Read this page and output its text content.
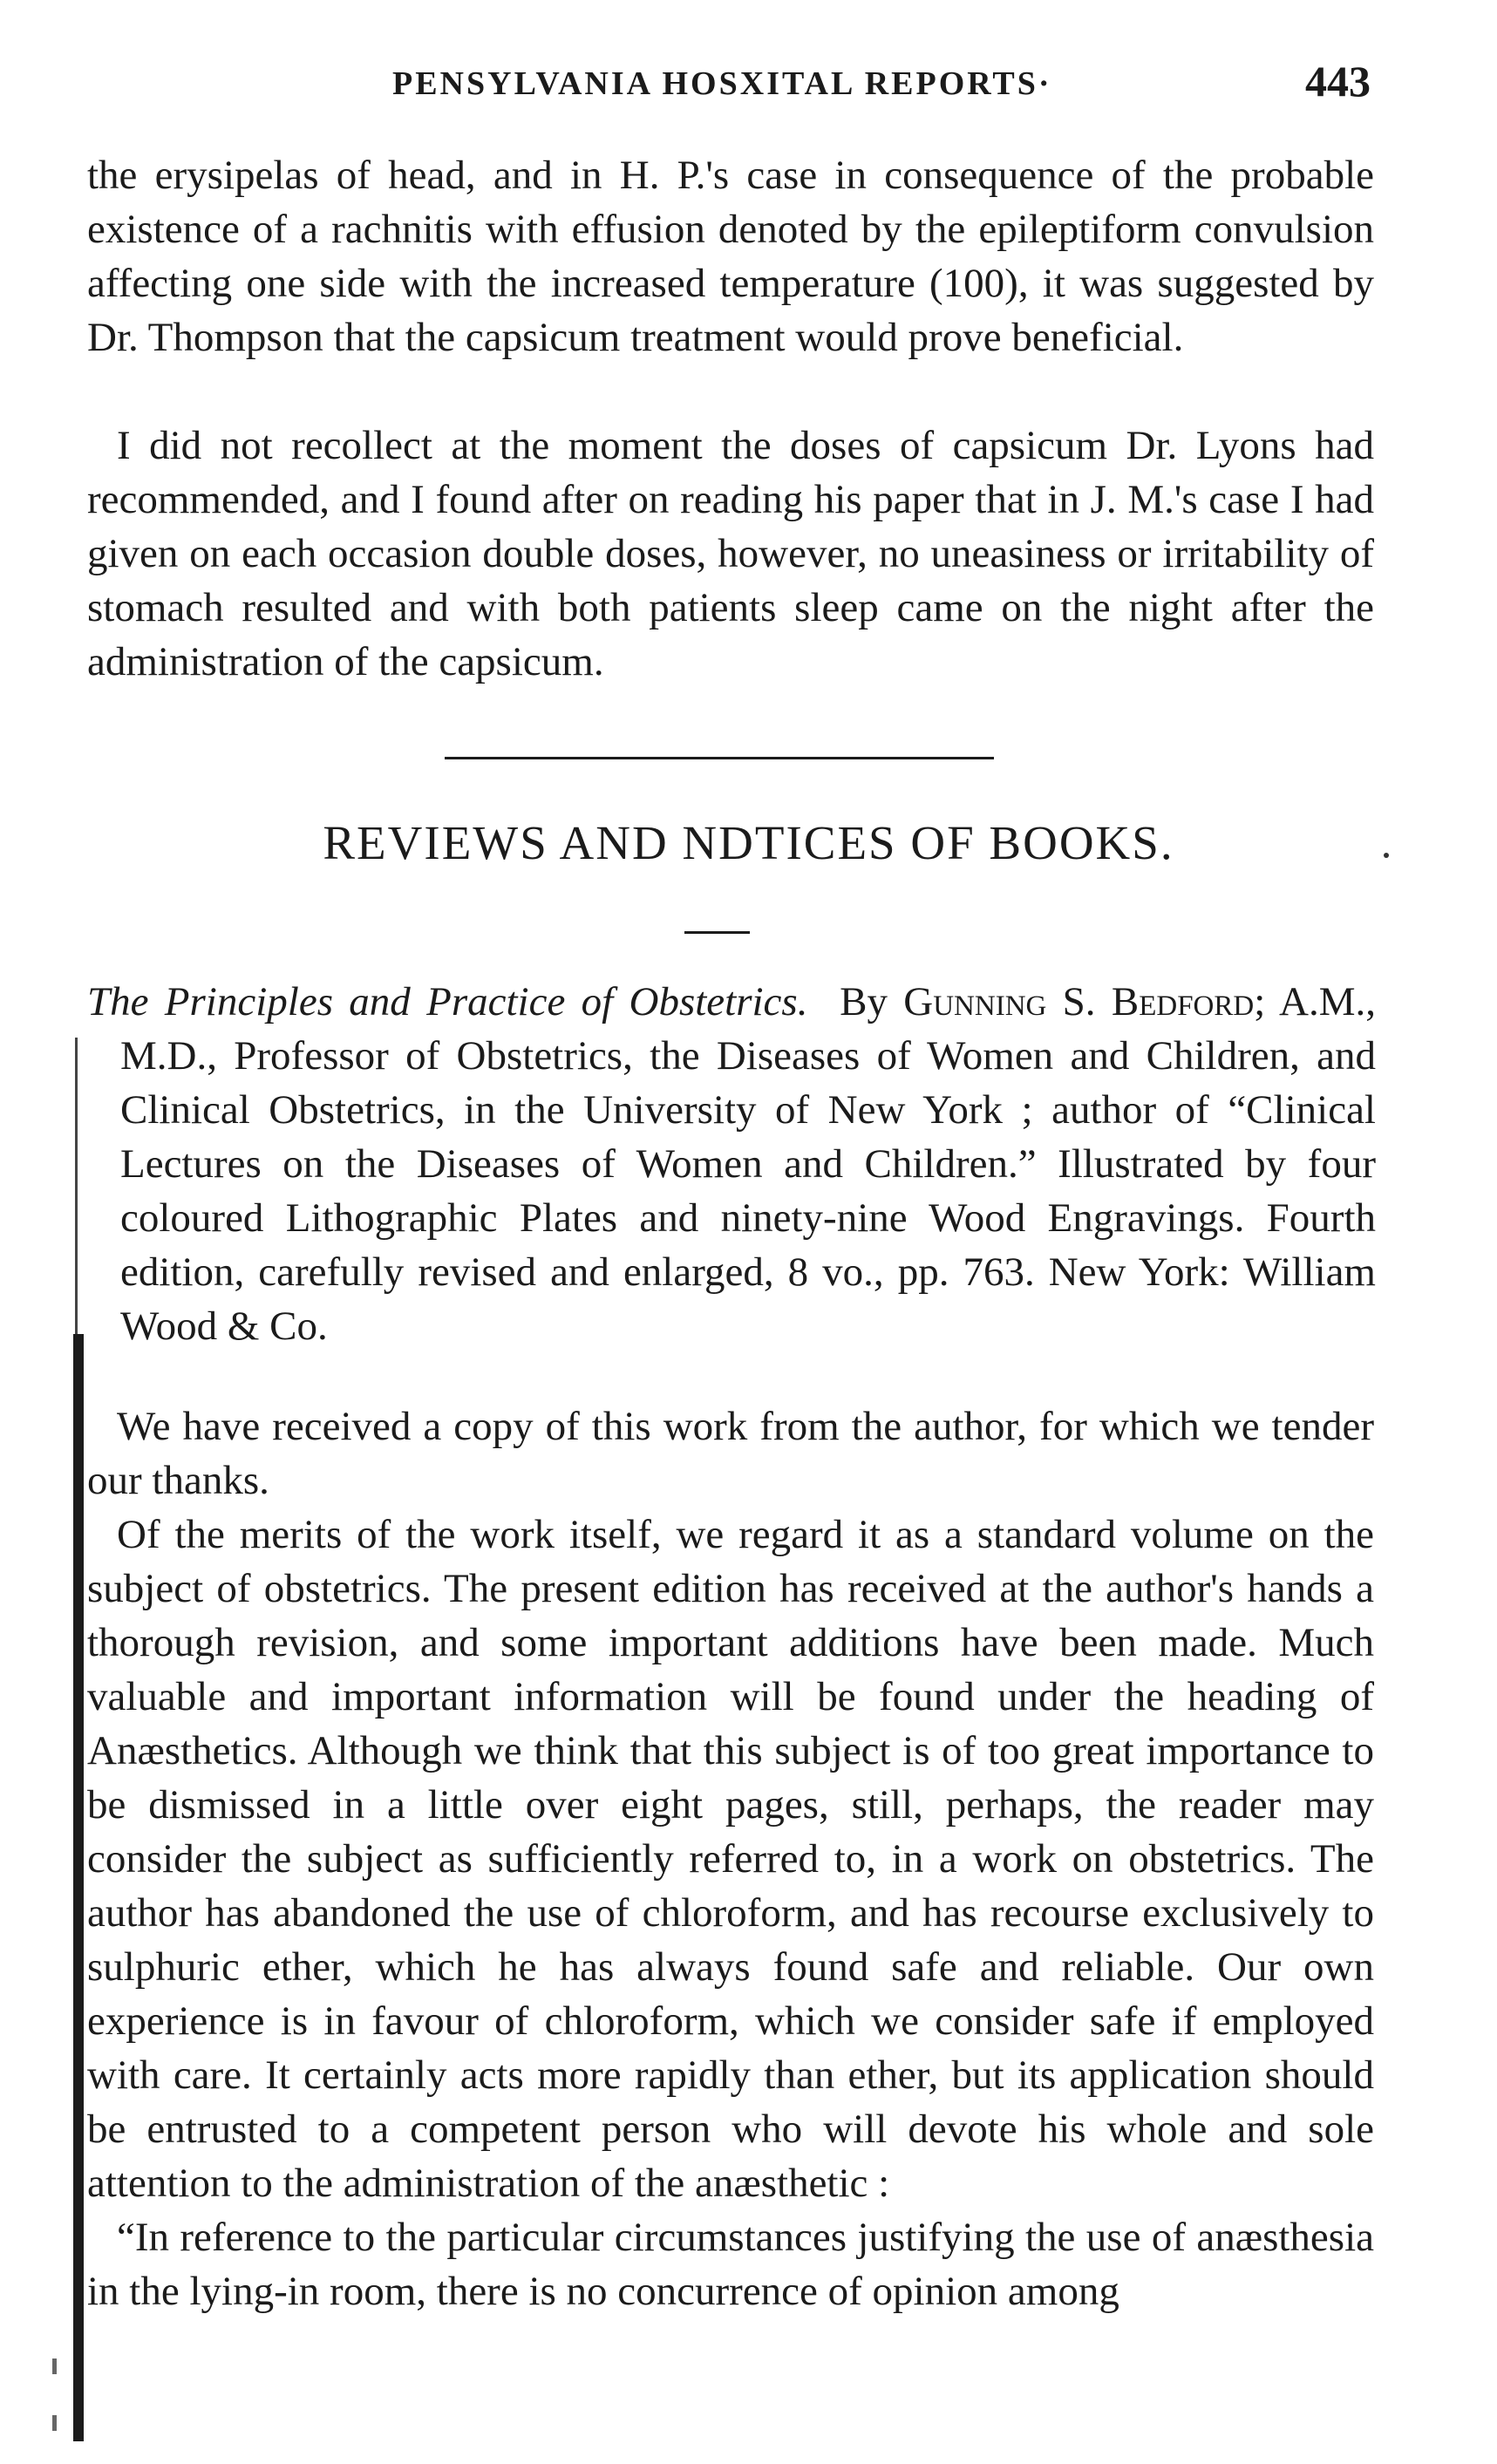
PENSYLVANIA HOSXITAL REPORTS·	443

the erysipelas of head, and in H. P.'s case in consequence of the probable existence of a rachnitis with effusion denoted by the epileptiform convulsion affecting one side with the increased temperature (100), it was suggested by Dr. Thompson that the capsicum treatment would prove beneficial.

I did not recollect at the moment the doses of capsicum Dr. Lyons had recommended, and I found after on reading his paper that in J. M.'s case I had given on each occasion double doses, however, no uneasiness or irritability of stomach resulted and with both patients sleep came on the night after the administration of the capsicum.

REVIEWS AND NDTICES OF BOOKS.
The Principles and Practice of Obstetrics. By Gunning S. Bedford; A.M., M.D., Professor of Obstetrics, the Diseases of Women and Children, and Clinical Obstetrics, in the University of New York ; author of “Clinical Lectures on the Diseases of Women and Children.” Illustrated by four coloured Lithographic Plates and ninety-nine Wood Engravings. Fourth edition, carefully revised and enlarged, 8 vo., pp. 763. New York: William Wood & Co.

We have received a copy of this work from the author, for which we tender our thanks.

Of the merits of the work itself, we regard it as a standard volume on the subject of obstetrics. The present edition has received at the author's hands a thorough revision, and some important additions have been made. Much valuable and important information will be found under the heading of Anæsthetics. Although we think that this subject is of too great importance to be dismissed in a little over eight pages, still, perhaps, the reader may consider the subject as sufficiently referred to, in a work on obstetrics. The author has abandoned the use of chloroform, and has recourse exclusively to sulphuric ether, which he has always found safe and reliable. Our own experience is in favour of chloroform, which we consider safe if employed with care. It certainly acts more rapidly than ether, but its application should be entrusted to a competent person who will devote his whole and sole attention to the administration of the anæsthetic :

“In reference to the particular circumstances justifying the use of anæsthesia in the lying-in room, there is no concurrence of opinion among
